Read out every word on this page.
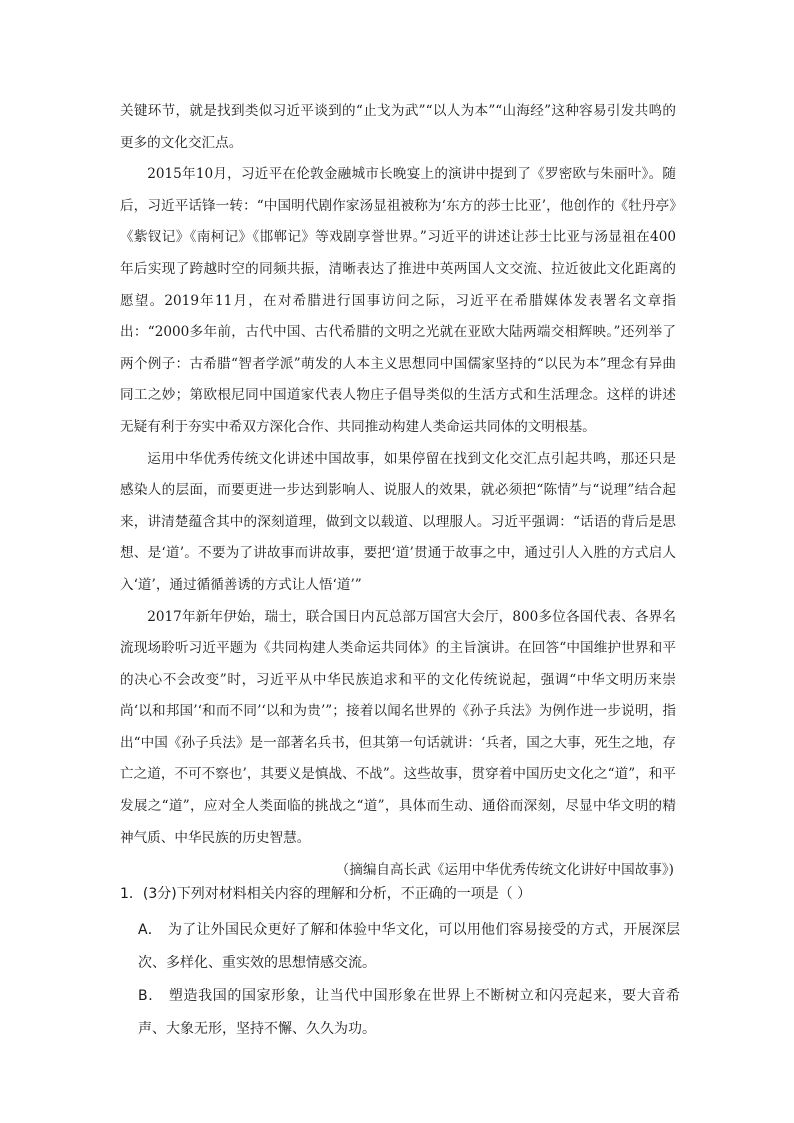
关键环节，就是找到类似习近平谈到的“止戈为武”“以人为本”“山海经”这种容易引发共鸣的更多的文化交汇点。

2015年10月，习近平在伦敦金融城市长晚宴上的演讲中提到了《罗密欧与朱丽叶》。随后，习近平话锋一转：“中国明代剧作家汤显祖被称为‘东方的莎士比亚’，他创作的《牡丹亭》《紫钗记》《南柯记》《邯郸记》等戏剧享誉世界。”习近平的讲述让莎士比亚与汤显祖在400年后实现了跨越时空的同频共振，清晰表达了推进中英两国人文交流、拉近彼此文化距离的愿望。2019年11月，在对希腊进行国事访问之际，习近平在希腊媒体发表署名文章指出：“2000多年前，古代中国、古代希腊的文明之光就在亚欧大陆两端交相辉映。”还列举了两个例子：古希腊“智者学派”萌发的人本主义思想同中国儒家坚持的“以民为本”理念有异曲同工之妙；第欧根尼同中国道家代表人物庄子倡导类似的生活方式和生活理念。这样的讲述无疑有利于夯实中希双方深化合作、共同推动构建人类命运共同体的文明根基。

运用中华优秀传统文化讲述中国故事，如果停留在找到文化交汇点引起共鸣，那还只是感染人的层面，而要更进一步达到影响人、说服人的效果，就必须把“陈情”与“说理”结合起来，讲清楚蕴含其中的深刻道理，做到文以载道、以理服人。习近平强调：“话语的背后是思想、是‘道’。不要为了讲故事而讲故事，要把‘道’贯通于故事之中，通过引人入胜的方式启人入‘道’，通过循循善诱的方式让人悟‘道’”

2017年新年伊始，瑞士，联合国日内瓦总部万国宫大会厅，800多位各国代表、各界名流现场聆听习近平题为《共同构建人类命运共同体》的主旨演讲。在回答“中国维护世界和平的决心不会改变”时，习近平从中华民族追求和平的文化传统说起，强调“中华文明历来崇尚‘以和邦国’‘和而不同’‘以和为贵’”；接着以闻名世界的《孙子兵法》为例作进一步说明，指出“中国《孙子兵法》是一部著名兵书，但其第一句话就讲：‘兵者，国之大事，死生之地，存亡之道，不可不察也’，其要义是慎战、不战”。这些故事，贯穿着中国历史文化之“道”，和平发展之“道”，应对全人类面临的挑战之“道”，具体而生动、通俗而深刻，尽显中华文明的精神气质、中华民族的历史智慧。

（摘编自高长武《运用中华优秀传统文化讲好中国故事》)

1．(3分)下列对材料相关内容的理解和分析，不正确的一项是（ ）

A． 为了让外国民众更好了解和体验中华文化，可以用他们容易接受的方式，开展深层次、多样化、重实效的思想情感交流。

B． 塑造我国的国家形象，让当代中国形象在世界上不断树立和闪亮起来，要大音希声、大象无形，坚持不懈、久久为功。
